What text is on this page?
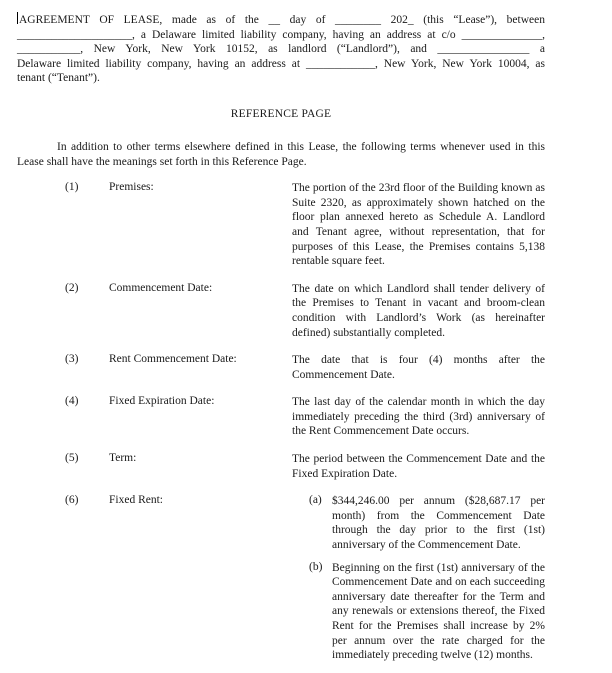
AGREEMENT OF LEASE, made as of the __ day of ________ 202_ (this “Lease”), between
____________________, a Delaware limited liability company, having an address at c/o ______________,
___________, New York, New York 10152, as landlord (“Landlord”), and ________________ a
Delaware limited liability company, having an address at ____________, New York, New York 10004, as
tenant (“Tenant”).

REFERENCE PAGE

In addition to other terms elsewhere defined in this Lease, the following terms whenever used in this Lease shall have the meanings set forth in this Reference Page.

(1)	Premises:	The portion of the 23rd floor of the Building known as Suite 2320, as approximately shown hatched on the floor plan annexed hereto as Schedule A. Landlord and Tenant agree, without representation, that for purposes of this Lease, the Premises contains 5,138 rentable square feet.
(2)	Commencement Date:	The date on which Landlord shall tender delivery of the Premises to Tenant in vacant and broom-clean condition with Landlord’s Work (as hereinafter defined) substantially completed.
(3)	Rent Commencement Date:	The date that is four (4) months after the Commencement Date.
(4)	Fixed Expiration Date:	The last day of the calendar month in which the day immediately preceding the third (3rd) anniversary of the Rent Commencement Date occurs.
(5)	Term:	The period between the Commencement Date and the Fixed Expiration Date.
(6)	Fixed Rent:	(a) $344,246.00 per annum ($28,687.17 per month) from the Commencement Date through the day prior to the first (1st) anniversary of the Commencement Date.
(b) Beginning on the first (1st) anniversary of the Commencement Date and on each succeeding anniversary date thereafter for the Term and any renewals or extensions thereof, the Fixed Rent for the Premises shall increase by 2% per annum over the rate charged for the immediately preceding twelve (12) months.
